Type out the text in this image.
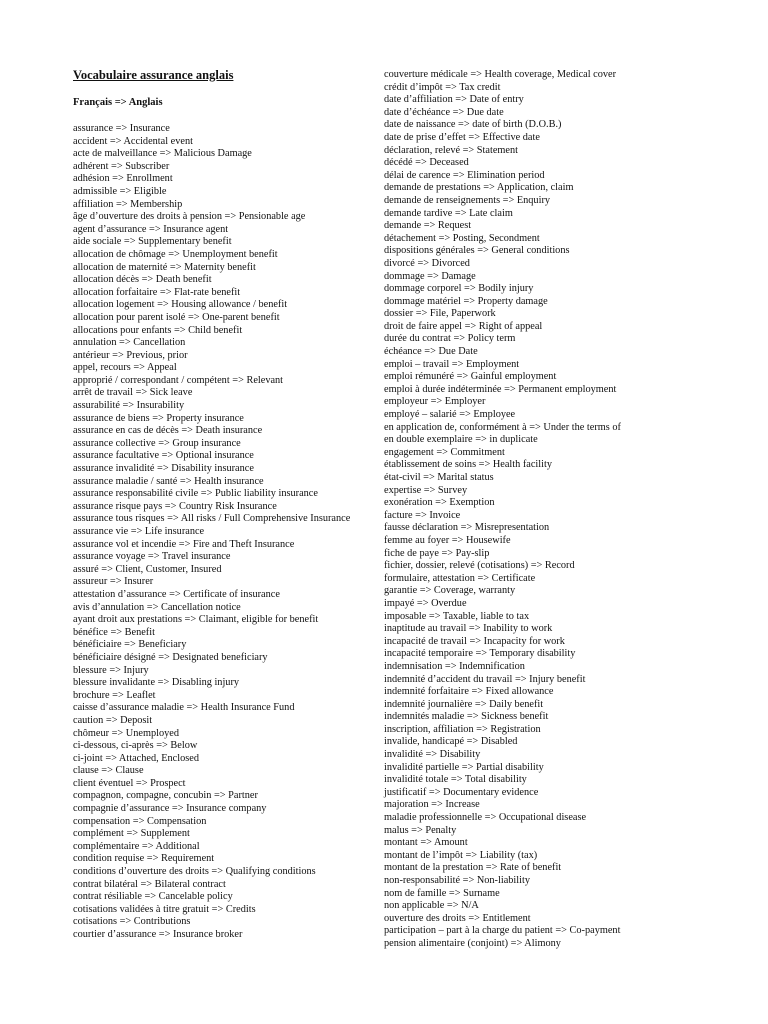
Vocabulaire assurance anglais
Français => Anglais

assurance => Insurance

accident => Accidental event

acte de malveillance => Malicious Damage

adhérent => Subscriber

adhésion => Enrollment

admissible => Eligible

affiliation => Membership

âge d’ouverture des droits à pension => Pensionable age

agent d’assurance => Insurance agent

aide sociale => Supplementary benefit

allocation de chômage => Unemployment benefit

allocation de maternité => Maternity benefit

allocation décès => Death benefit

allocation forfaitaire => Flat-rate benefit

allocation logement => Housing allowance / benefit

allocation pour parent isolé => One-parent benefit

allocations pour enfants => Child benefit

annulation => Cancellation

antérieur => Previous, prior

appel, recours => Appeal

approprié / correspondant / compétent => Relevant

arrêt de travail => Sick leave

assurabilité => Insurability

assurance de biens => Property insurance

assurance en cas de décès => Death insurance

assurance collective => Group insurance

assurance facultative => Optional insurance

assurance invalidité => Disability insurance

assurance maladie / santé => Health insurance

assurance responsabilité civile => Public liability insurance

assurance risque pays => Country Risk Insurance

assurance tous risques => All risks / Full Comprehensive Insurance

assurance vie => Life insurance

assurance vol et incendie => Fire and Theft Insurance

assurance voyage => Travel insurance

assuré => Client, Customer, Insured

assureur => Insurer

attestation d’assurance => Certificate of insurance

avis d’annulation => Cancellation notice

ayant droit aux prestations => Claimant, eligible for benefit

bénéfice => Benefit

bénéficiaire => Beneficiary

bénéficiaire désigné => Designated beneficiary

blessure => Injury

blessure invalidante => Disabling injury

brochure => Leaflet

caisse d’assurance maladie => Health Insurance Fund

caution => Deposit

chômeur => Unemployed

ci-dessous, ci-après => Below

ci-joint => Attached, Enclosed

clause => Clause

client éventuel => Prospect

compagnon, compagne, concubin => Partner

compagnie d’assurance => Insurance company

compensation => Compensation

complément => Supplement

complémentaire => Additional

condition requise => Requirement

conditions d’ouverture des droits => Qualifying conditions

contrat bilatéral => Bilateral contract

contrat résiliable => Cancelable policy

cotisations validées à titre gratuit => Credits

cotisations => Contributions

courtier d’assurance => Insurance broker

couverture médicale => Health coverage, Medical cover

crédit d’impôt => Tax credit

date d’affiliation => Date of entry

date d’échéance => Due date

date de naissance => date of birth (D.O.B.)

date de prise d’effet => Effective date

déclaration, relevé => Statement

décédé => Deceased

délai de carence => Elimination period

demande de prestations => Application, claim

demande de renseignements => Enquiry

demande tardive => Late claim

demande => Request

détachement => Posting, Secondment

dispositions générales => General conditions

divorcé => Divorced

dommage => Damage

dommage corporel => Bodily injury

dommage matériel => Property damage

dossier => File, Paperwork

droit de faire appel => Right of appeal

durée du contrat => Policy term

échéance => Due Date

emploi – travail => Employment

emploi rémunéré => Gainful employment

emploi à durée indéterminée => Permanent employment

employeur => Employer

employé – salarié => Employee

en application de, conformément à => Under the terms of

en double exemplaire => in duplicate

engagement => Commitment

établissement de soins => Health facility

état-civil => Marital status

expertise => Survey

exonération => Exemption

facture => Invoice

fausse déclaration => Misrepresentation

femme au foyer => Housewife

fiche de paye => Pay-slip

fichier, dossier, relevé (cotisations) => Record

formulaire, attestation => Certificate

garantie => Coverage, warranty

impayé => Overdue

imposable => Taxable, liable to tax

inaptitude au travail => Inability to work

incapacité de travail => Incapacity for work

incapacité temporaire => Temporary disability

indemnisation => Indemnification

indemnité d’accident du travail => Injury benefit

indemnité forfaitaire => Fixed allowance

indemnité journalière => Daily benefit

indemnités maladie => Sickness benefit

inscription, affiliation => Registration

invalide, handicapé => Disabled

invalidité => Disability

invalidité partielle => Partial disability

invalidité totale => Total disability

justificatif => Documentary evidence

majoration => Increase

maladie professionnelle => Occupational disease

malus => Penalty

montant => Amount

montant de l’impôt => Liability (tax)

montant de la prestation => Rate of benefit

non-responsabilité => Non-liability

nom de famille => Surname

non applicable => N/A

ouverture des droits => Entitlement

participation – part à la charge du patient => Co-payment

pension alimentaire (conjoint) => Alimony
